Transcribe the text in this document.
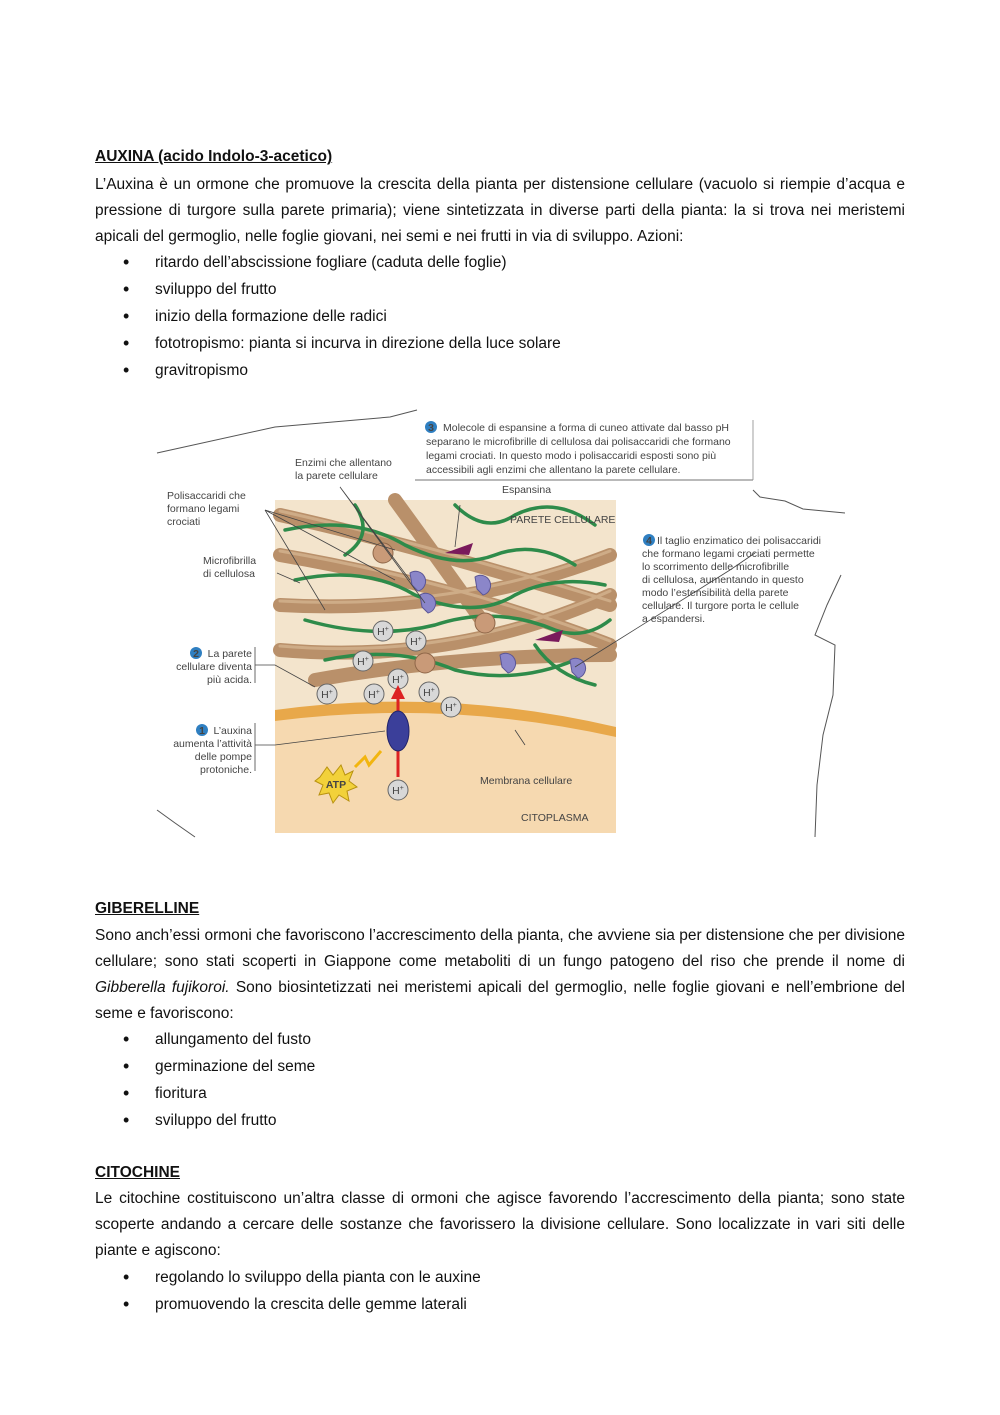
AUXINA (acido Indolo-3-acetico)
L’Auxina è un ormone che promuove la crescita della pianta per distensione cellulare (vacuolo si riempie d’acqua e pressione di turgore sulla parete primaria); viene sintetizzata in diverse parti della pianta: la si trova nei meristemi apicali del germoglio, nelle foglie giovani, nei semi e nei frutti in via di sviluppo. Azioni:
• ritardo dell’abscissione fogliare (caduta delle foglie)
• sviluppo del frutto
• inizio della formazione delle radici
• fototropismo: pianta si incurva in direzione della luce solare
• gravitropismo
H+
H+
H+
H+
H+
H+	H+
H+
H+
ATP
3 Molecole di espansine a forma di cuneo attivate dal basso pH
separano le microfibrille di cellulosa dai polisaccaridi che formano
legami crociati. In questo modo i polisaccaridi esposti sono più
accessibili agli enzimi che allentano la parete cellulare.
Enzimi che allentano
la parete cellulare
Espansina
Polisaccaridi che
formano legami
crociati	PARETE CELLULARE
Microfibrilla
di cellulosa
4 Il taglio enzimatico dei polisaccaridi
che formano legami crociati permette
lo scorrimento delle microfibrille
di cellulosa, aumentando in questo
modo l’estensibilità della parete
cellulare. Il turgore porta le cellule
a espandersi.
2 La parete
cellulare diventa
più acida.
1 L’auxina
aumenta l’attività
delle pompe
protoniche.
Membrana cellulare
CITOPLASMA
GIBERELLINE
Sono anch’essi ormoni che favoriscono l’accrescimento della pianta, che avviene sia per distensione che per divisione cellulare; sono stati scoperti in Giappone come metaboliti di un fungo patogeno del riso che prende il nome di Gibberella fujikoroi. Sono biosintetizzati nei meristemi apicali del germoglio, nelle foglie giovani e nell’embrione del seme e favoriscono:
• allungamento del fusto
• germinazione del seme
• fioritura
• sviluppo del frutto
CITOCHINE
Le citochine costituiscono un’altra classe di ormoni che agisce favorendo l’accrescimento della pianta; sono state scoperte andando a cercare delle sostanze che favorissero la divisione cellulare. Sono localizzate in vari siti delle piante e agiscono:
• regolando lo sviluppo della pianta con le auxine
• promuovendo la crescita delle gemme laterali
